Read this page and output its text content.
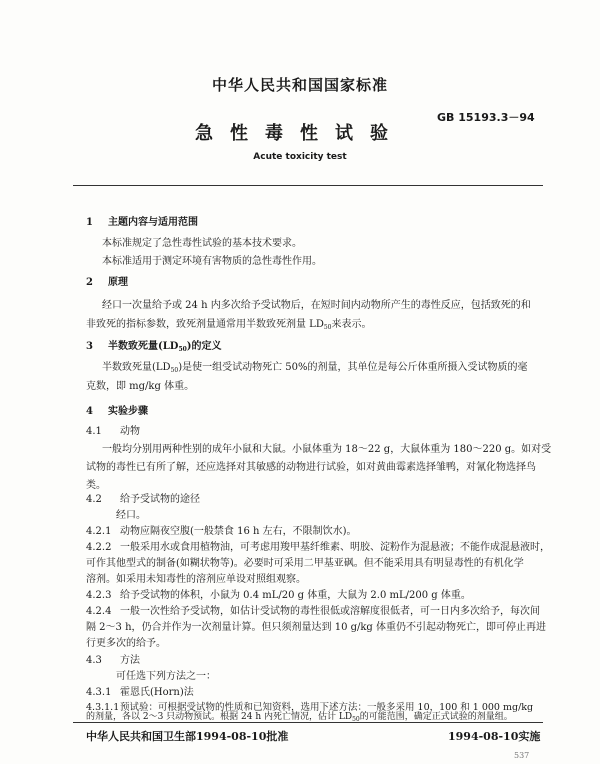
中华人民共和国国家标准
GB 15193.3－94
急性毒性试验
Acute toxicity test
1 主题内容与适用范围
本标准规定了急性毒性试验的基本技术要求。
本标准适用于测定环境有害物质的急性毒性作用。
2 原理
经口一次量给予或 24 h 内多次给予受试物后，在短时间内动物所产生的毒性反应，包括致死的和
非致死的指标参数，致死剂量通常用半数致死剂量 $LD_{50}$来表示。
3 半数致死量$(LD_{50})$的定义
半数致死量$(LD_{50})$是使一组受试动物死亡 50%的剂量，其单位是每公斤体重所摄入受试物质的毫
克数，即 mg/kg 体重。
4 实验步骤
4.1 动物
一般均分别用两种性别的成年小鼠和大鼠。小鼠体重为 18～22 g，大鼠体重为 180～220 g。如对受
试物的毒性已有所了解，还应选择对其敏感的动物进行试验，如对黄曲霉素选择雏鸭，对氰化物选择鸟
类。
4.2 给予受试物的途径
经口。
4.2.1 动物应隔夜空腹(一般禁食 16 h 左右，不限制饮水)。
4.2.2 一般采用水或食用植物油，可考虑用羧甲基纤维素、明胶、淀粉作为混悬液；不能作成混悬液时，
可作其他型式的制备(如糊状物等)。必要时可采用二甲基亚砜。但不能采用具有明显毒性的有机化学
溶剂。如采用未知毒性的溶剂应单设对照组观察。
4.2.3 给予受试物的体积，小鼠为 0.4 mL/20 g 体重，大鼠为 2.0 mL/200 g 体重。
4.2.4 一般一次性给予受试物，如估计受试物的毒性很低或溶解度很低者，可一日内多次给予，每次间
隔 2～3 h，仍合并作为一次剂量计算。但只须剂量达到 10 g/kg 体重仍不引起动物死亡，即可停止再进
行更多次的给予。
4.3 方法
可任选下列方法之一：
4.3.1 霍恩氏(Horn)法
4.3.1.1预试验：可根据受试物的性质和已知资料，选用下述方法：一般多采用 10，100 和 1 000 mg/kg
的剂量，各以 2～3 只动物预试。根据 24 h 内死亡情况，估计 $LD_{50}$的可能范围，确定正式试验的剂量组。
中华人民共和国卫生部1994-08-10批准	1994-08-10实施
537
